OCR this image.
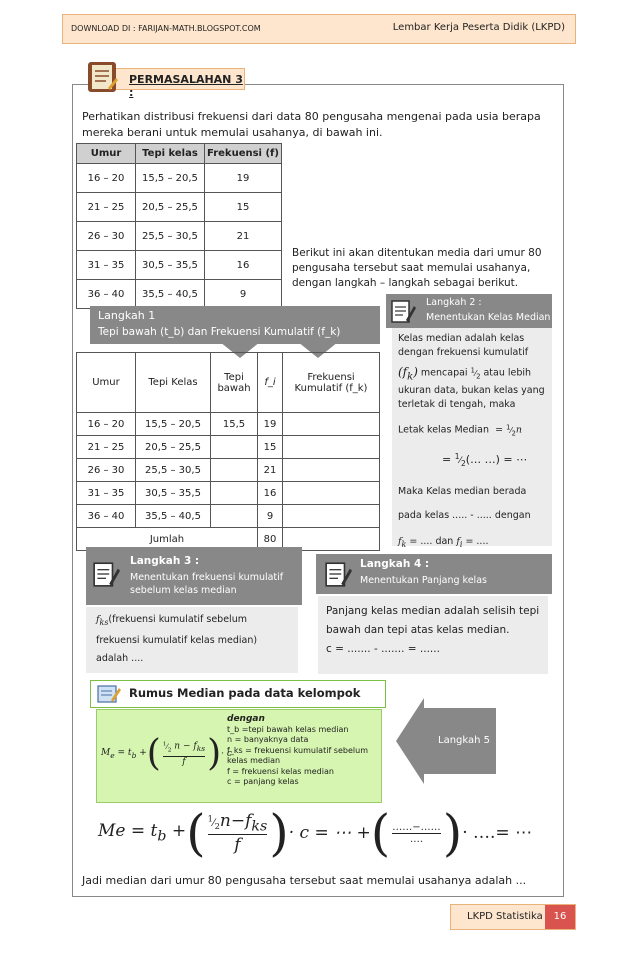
DOWNLOAD DI : FARIJAN-MATH.BLOGSPOT.COM	Lembar Kerja Peserta Didik (LKPD)
PERMASALAHAN 3 :

Perhatikan distribusi frekuensi dari data 80 pengusaha mengenai pada usia berapa mereka berani untuk memulai usahanya, di bawah ini.

Umur	Tepi kelas	Frekuensi (f)
16 – 20	15,5 – 20,5	19
21 – 25	20,5 – 25,5	15
26 – 30	25,5 – 30,5	21
31 – 35	30,5 – 35,5	16
36 – 40	35,5 – 40,5	9

Berikut ini akan ditentukan media dari umur 80 pengusaha tersebut saat memulai usahanya, dengan langkah – langkah sebagai berikut.

Langkah 1
Tepi bawah (t_b) dan Frekuensi Kumulatif (f_k)
Umur	Tepi Kelas	Tepi bawah	f_i	Frekuensi Kumulatif (f_k)
16 – 20	15,5 – 20,5	15,5	19	
21 – 25	20,5 – 25,5		15	
26 – 30	25,5 – 30,5		21	
31 – 35	30,5 – 35,5		16	
36 – 40	35,5 – 40,5		9	
Jumlah			80	
Langkah 2 :
Menentukan Kelas Median
Kelas median adalah kelas dengan frekuensi kumulatif
$(f_k)$ mencapai $^1⁄_2$ atau lebih ukuran data, bukan kelas yang terletak di tengah, maka
Letak kelas Median  = $^1⁄_2n$
= $^1⁄_2(\dots$ …) = ⋯
Maka Kelas median berada
pada kelas ..... - ..... dengan
$f_k$ = .... dan $f_i$ = ....
Langkah 3 :
Menentukan frekuensi kumulatif sebelum kelas median
$f_{ks}(frekuensi$ kumulatif sebelum
frekuensi kumulatif kelas median)
adalah ....
Langkah 4 :
Menentukan Panjang kelas
Panjang kelas median adalah selisih tepi bawah dan tepi atas kelas median.
c = ....... - ....... = ......
Rumus Median pada data kelompok
$M_e = t_b$ +	(	$^1⁄_2$ $n - f_{ks}$
f	)	· c
dengan
t_b =tepi bawah kelas median
n = banyaknya data
f_ks = frekuensi kumulatif sebelum kelas median
f = frekuensi kelas median
c = panjang kelas
Langkah 5
$Me = t_b$ +	(	$^1⁄_2n-f_{ks}$
f	)	· c = ⋯ +	(	……−……
….	)	· ….= ⋯

Jadi median dari umur 80 pengusaha tersebut saat memulai usahanya adalah ...

LKPD Statistika	16
